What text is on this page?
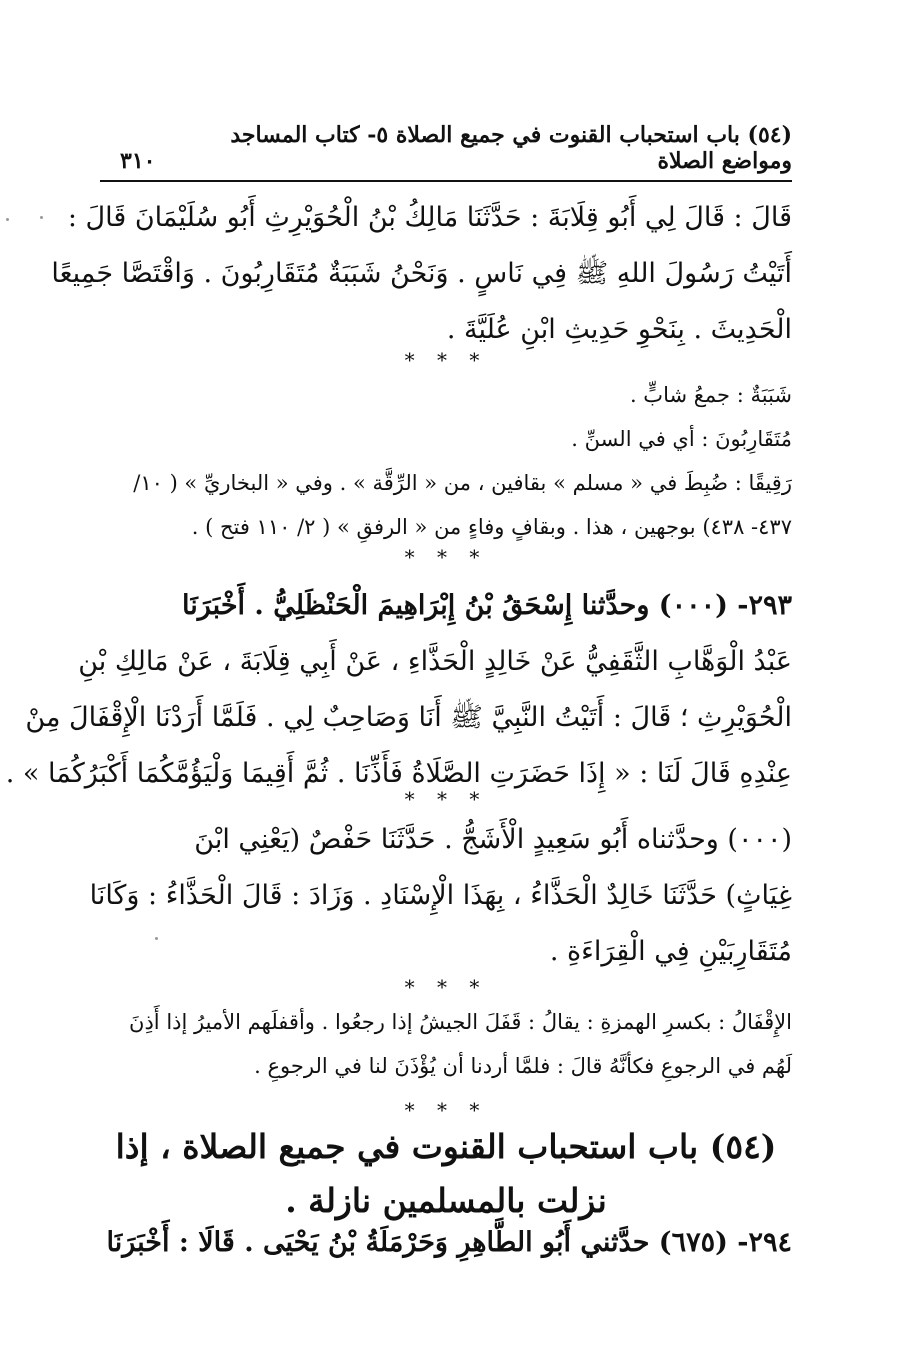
(٥٤) باب استحباب القنوت في جميع الصلاة ٥- كتاب المساجد ومواضع الصلاة
٣١٠
قَالَ : قَالَ لِي أَبُو قِلَابَةَ : حَدَّثَنَا مَالِكُ بْنُ الْحُوَيْرِثِ أَبُو سُلَيْمَانَ قَالَ :
أَتَيْتُ رَسُولَ اللهِ ﷺ فِي نَاسٍ . وَنَحْنُ شَبَبَةٌ مُتَقَارِبُونَ . وَاقْتَصَّا جَمِيعًا
الْحَدِيثَ . بِنَحْوِ حَدِيثِ ابْنِ عُلَيَّةَ .
* * *
شَبَبَةٌ : جمعُ شابٍّ .
مُتَقَارِبُونَ : أي في السنِّ .
رَقِيقًا : ضُبِطَ في « مسلم » بقافين ، من « الرِّقَّة » . وفي « البخاريِّ » ( ١٠/
٤٣٧- ٤٣٨) بوجهين ، هذا . وبقافٍ وفاءٍ من « الرفقِ » ( ٢/ ١١٠ فتح ) .
* * *
٢٩٣- (٠٠٠) وحدَّثنا إِسْحَقُ بْنُ إِبْرَاهِيمَ الْحَنْظَلِيُّ . أَخْبَرَنَا
عَبْدُ الْوَهَّابِ الثَّقَفِيُّ عَنْ خَالِدٍ الْحَذَّاءِ ، عَنْ أَبِي قِلَابَةَ ، عَنْ مَالِكِ بْنِ
الْحُوَيْرِثِ ؛ قَالَ : أَتَيْتُ النَّبِيَّ ﷺ أَنَا وَصَاحِبٌ لِي . فَلَمَّا أَرَدْنَا الْإِقْفَالَ مِنْ
عِنْدِهِ قَالَ لَنَا : « إِذَا حَضَرَتِ الصَّلَاةُ فَأَذِّنَا . ثُمَّ أَقِيمَا وَلْيَؤُمَّكُمَا أَكْبَرُكُمَا » .
* * *
(٠٠٠) وحدَّثناه أَبُو سَعِيدٍ الْأَشَجُّ . حَدَّثَنَا حَفْصٌ (يَعْنِي ابْنَ
غِيَاثٍ) حَدَّثَنَا خَالِدٌ الْحَذَّاءُ ، بِهَذَا الْإِسْنَادِ . وَزَادَ : قَالَ الْحَذَّاءُ : وَكَانَا
مُتَقَارِبَيْنِ فِي الْقِرَاءَةِ .
* * *
الإِقْفَالُ : بكسرِ الهمزةِ : يقالُ : قَفَلَ الجيشُ إذا رجعُوا . وأقفلَهم الأميرُ إذا أَذِنَ
لَهُم في الرجوعِ فكأنَّهُ قالَ : فلمَّا أردنا أن يُؤْذَنَ لنا في الرجوعِ .
* * *
(٥٤) باب استحباب القنوت في جميع الصلاة ، إذا
نزلت بالمسلمين نازلة .
٢٩٤- (٦٧٥) حدَّثني أَبُو الطَّاهِرِ وَحَرْمَلَةُ بْنُ يَحْيَى . قَالَا : أَخْبَرَنَا
